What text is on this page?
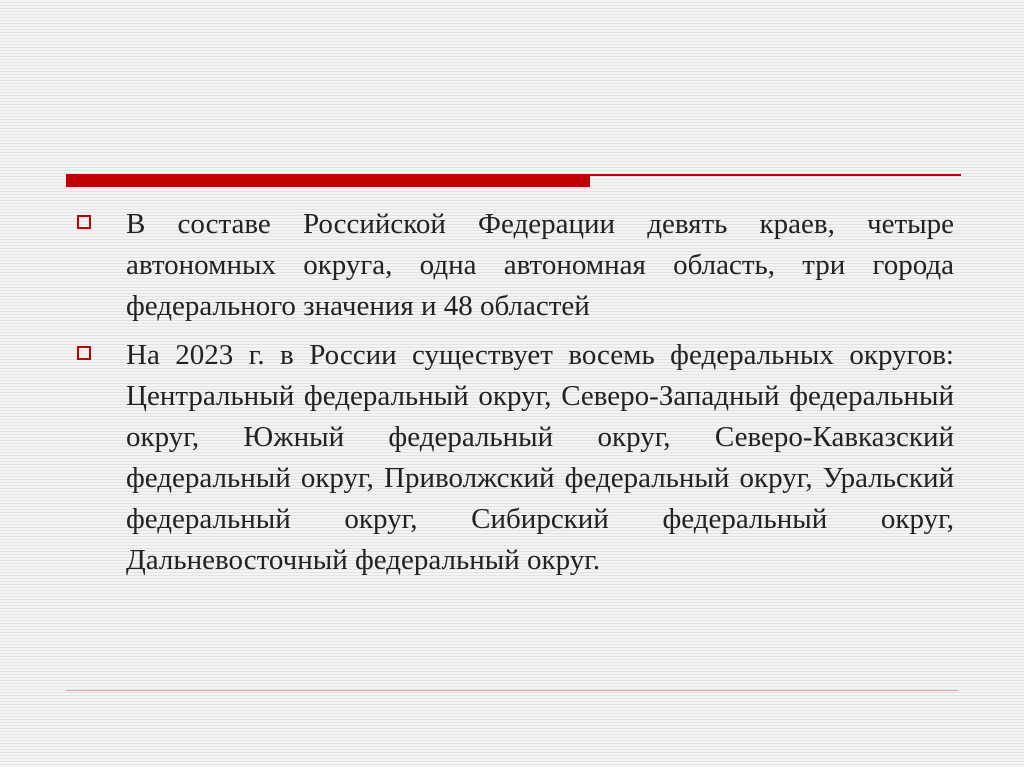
В составе Российской Федерации девять краев, четыре автономных округа, одна автономная область, три города федерального значения и 48 областей

На 2023 г. в России существует восемь федеральных округов: Центральный федеральный округ, Северо-Западный федеральный округ, Южный федеральный округ, Северо-Кавказский федеральный округ, Приволжский федеральный округ, Уральский федеральный округ, Сибирский федеральный округ, Дальневосточный федеральный округ.
